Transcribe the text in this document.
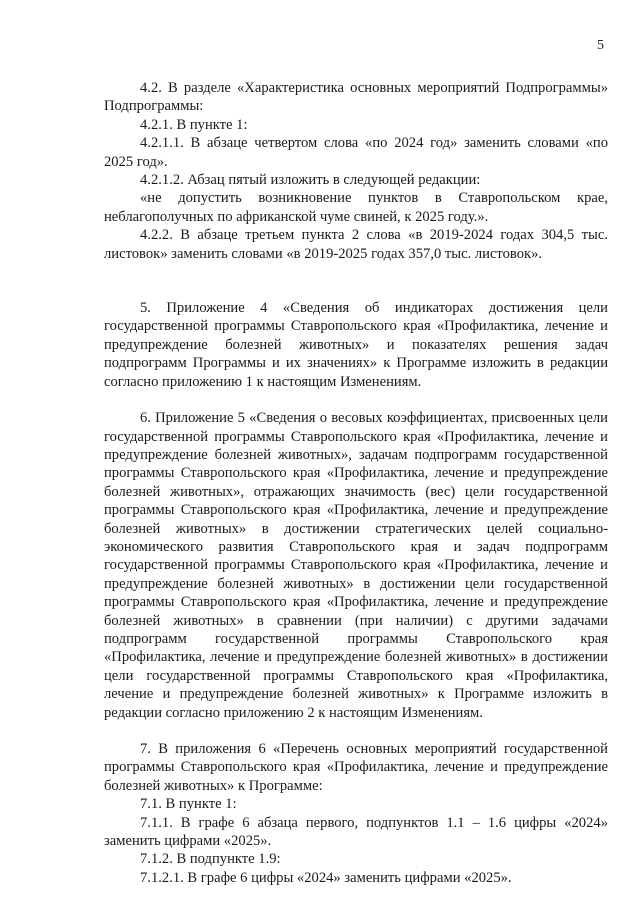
5

4.2. В разделе «Характеристика основных мероприятий Подпрограммы» Подпрограммы:

4.2.1. В пункте 1:

4.2.1.1. В абзаце четвертом слова «по 2024 год» заменить словами «по 2025 год».

4.2.1.2. Абзац пятый изложить в следующей редакции:

«не допустить возникновение пунктов в Ставропольском крае, неблагополучных по африканской чуме свиней, к 2025 году.».

4.2.2. В абзаце третьем пункта 2 слова «в 2019-2024 годах 304,5 тыс. листовок» заменить словами «в 2019-2025 годах 357,0 тыс. листовок».

5. Приложение 4 «Сведения об индикаторах достижения цели государственной программы Ставропольского края «Профилактика, лечение и предупреждение болезней животных» и показателях решения задач подпрограмм Программы и их значениях» к Программе изложить в редакции согласно приложению 1 к настоящим Изменениям.

6. Приложение 5 «Сведения о весовых коэффициентах, присвоенных цели государственной программы Ставропольского края «Профилактика, лечение и предупреждение болезней животных», задачам подпрограмм государственной программы Ставропольского края «Профилактика, лечение и предупреждение болезней животных», отражающих значимость (вес) цели государственной программы Ставропольского края «Профилактика, лечение и предупреждение болезней животных» в достижении стратегических целей социально-экономического развития Ставропольского края и задач подпрограмм государственной программы Ставропольского края «Профилактика, лечение и предупреждение болезней животных» в достижении цели государственной программы Ставропольского края «Профилактика, лечение и предупреждение болезней животных» в сравнении (при наличии) с другими задачами подпрограмм государственной программы Ставропольского края «Профилактика, лечение и предупреждение болезней животных» в достижении цели государственной программы Ставропольского края «Профилактика, лечение и предупреждение болезней животных» к Программе изложить в редакции согласно приложению 2 к настоящим Изменениям.

7. В приложения 6 «Перечень основных мероприятий государственной программы Ставропольского края «Профилактика, лечение и предупреждение болезней животных» к Программе:

7.1. В пункте 1:

7.1.1. В графе 6 абзаца первого, подпунктов 1.1 – 1.6 цифры «2024» заменить цифрами «2025».

7.1.2. В подпункте 1.9:

7.1.2.1. В графе 6 цифры «2024» заменить цифрами «2025».
